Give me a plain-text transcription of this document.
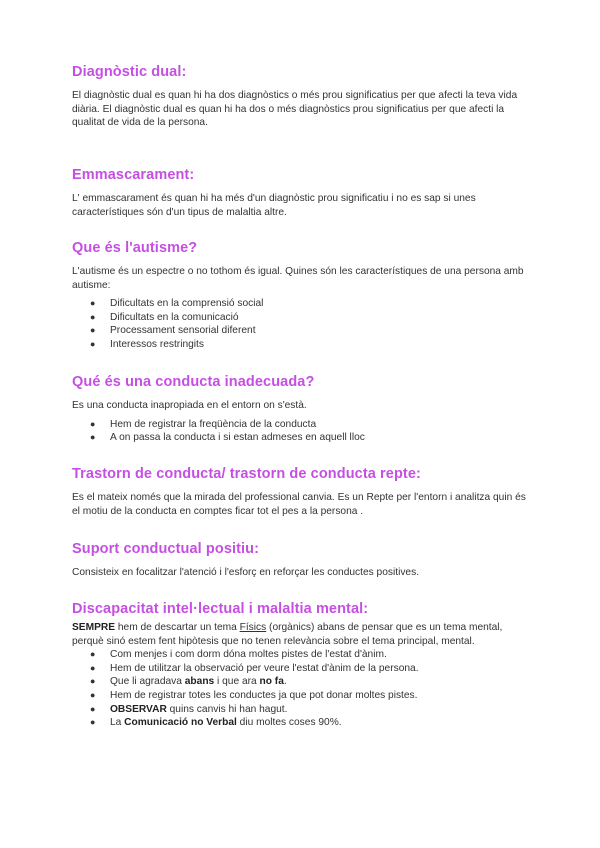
Diagnòstic dual:

El diagnòstic dual es quan hi ha dos diagnòstics o més prou significatius per que afecti la teva vida diària. El diagnòstic dual es quan hi ha dos o més diagnòstics prou significatius per que afecti la qualitat de vida de la persona.

Emmascarament:

L' emmascarament és quan hi ha més d'un diagnòstic prou significatiu i no es sap si unes característiques són d'un tipus de malaltia altre.

Que és l'autisme?

L'autisme és un espectre o no tothom és igual. Quines són les característiques de una persona amb autisme:

● Dificultats en la comprensió social
● Dificultats en la comunicació
● Processament sensorial diferent
● Interessos restringits
Qué és una conducta inadecuada?

Es una conducta inapropiada en el entorn on s'està.

● Hem de registrar la freqüència de la conducta
● A on passa la conducta i si estan admeses en aquell lloc
Trastorn de conducta/ trastorn de conducta repte:

Es el mateix només que la mirada del professional canvia. Es un Repte per l'entorn i analitza quin és el motiu de la conducta en comptes ficar tot el pes a la persona .

Suport conductual positiu:

Consisteix en focalitzar l'atenció i l'esforç en reforçar les conductes positives.

Discapacitat intel·lectual i malaltia mental:

SEMPRE hem de descartar un tema Físics (orgànics) abans de pensar que es un tema mental, perquè sinó estem fent hipòtesis que no tenen relevància sobre el tema principal, mental.

● Com menjes i com dorm dóna moltes pistes de l'estat d'ànim.
● Hem de utilitzar la observació per veure l'estat d'ànim de la persona.
● Que li agradava abans i que ara no fa.
● Hem de registrar totes les conductes ja que pot donar moltes pistes.
● OBSERVAR quins canvis hi han hagut.
● La Comunicació no Verbal diu moltes coses 90%.
